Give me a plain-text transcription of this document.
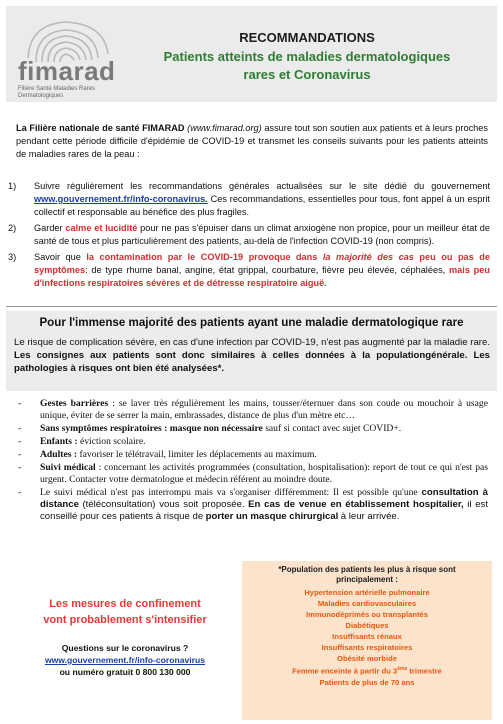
fimarad
Filière Santé Maladies Rares Dermatologiques
RECOMMANDATIONS
Patients atteints de maladies dermatologiques
rares et Coronavirus
La Filière nationale de santé FIMARAD (www.fimarad.org) assure tout son soutien aux patients et à leurs proches pendant cette période difficile d'épidémie de COVID-19 et transmet les conseils suivants pour les patients atteints de maladies rares de la peau :
1) Suivre régulièrement les recommandations générales actualisées sur le site dédié du gouvernement www.gouvernement.fr/info-coronavirus. Ces recommandations, essentielles pour tous, font appel à un esprit collectif et responsable au bénéfice des plus fragiles.
2) Garder calme et lucidité pour ne pas s'épuiser dans un climat anxiogène non propice, pour un meilleur état de santé de tous et plus particulièrement des patients, au-delà de l'infection COVID-19 (non compris).
3) Savoir que la contamination par le COVID-19 provoque dans la majorité des cas peu ou pas de symptômes: de type rhume banal, angine, état grippal, courbature, fièvre peu élevée, céphalées, mais peu d'infections respiratoires sévères et de détresse respiratoire aiguë.
Pour l'immense majorité des patients ayant une maladie dermatologique rare
Le risque de complication sévère, en cas d'une infection par COVID-19, n'est pas augmenté par la maladie rare. Les consignes aux patients sont donc similaires à celles données à la populationgénérale. Les pathologies à risques ont bien été analysées*.
- Gestes barrières : se laver très régulièrement les mains, tousser/éternuer dans son coude ou mouchoir à usage unique, éviter de se serrer la main, embrassades, distance de plus d'un mètre etc…
- Sans symptômes respiratoires : masque non nécessaire sauf si contact avec sujet COVID+.
- Enfants : éviction scolaire.
- Adultes : favoriser le télétravail, limiter les déplacements au maximum.
- Suivi médical : concernant les activités programmées (consultation, hospitalisation): report de tout ce qui n'est pas urgent. Contacter votre dermatologue et médecin référent au moindre doute.
- Le suivi médical n'est pas interrompu mais va s'organiser différemment: Il est possible qu'une consultation à distance (téléconsultation) vous soit proposée. En cas de venue en établissement hospitalier, il est conseillé pour ces patients à risque de porter un masque chirurgical à leur arrivée.
*Population des patients les plus à risque sont
principalement :
Hypertension artérielle pulmonaire
Maladies cardiovasculaires
Immunodéprimés ou transplantés
Diabétiques
Insuffisants rénaux
Insuffisants respiratoires
Obésité morbide
Femme enceinte à partir du 3ème trimestre
Patients de plus de 70 ans
Les mesures de confinement
vont probablement s'intensifier
Questions sur le coronavirus ?
www.gouvernement.fr/info-coronavirus
ou numéro gratuit 0 800 130 000
